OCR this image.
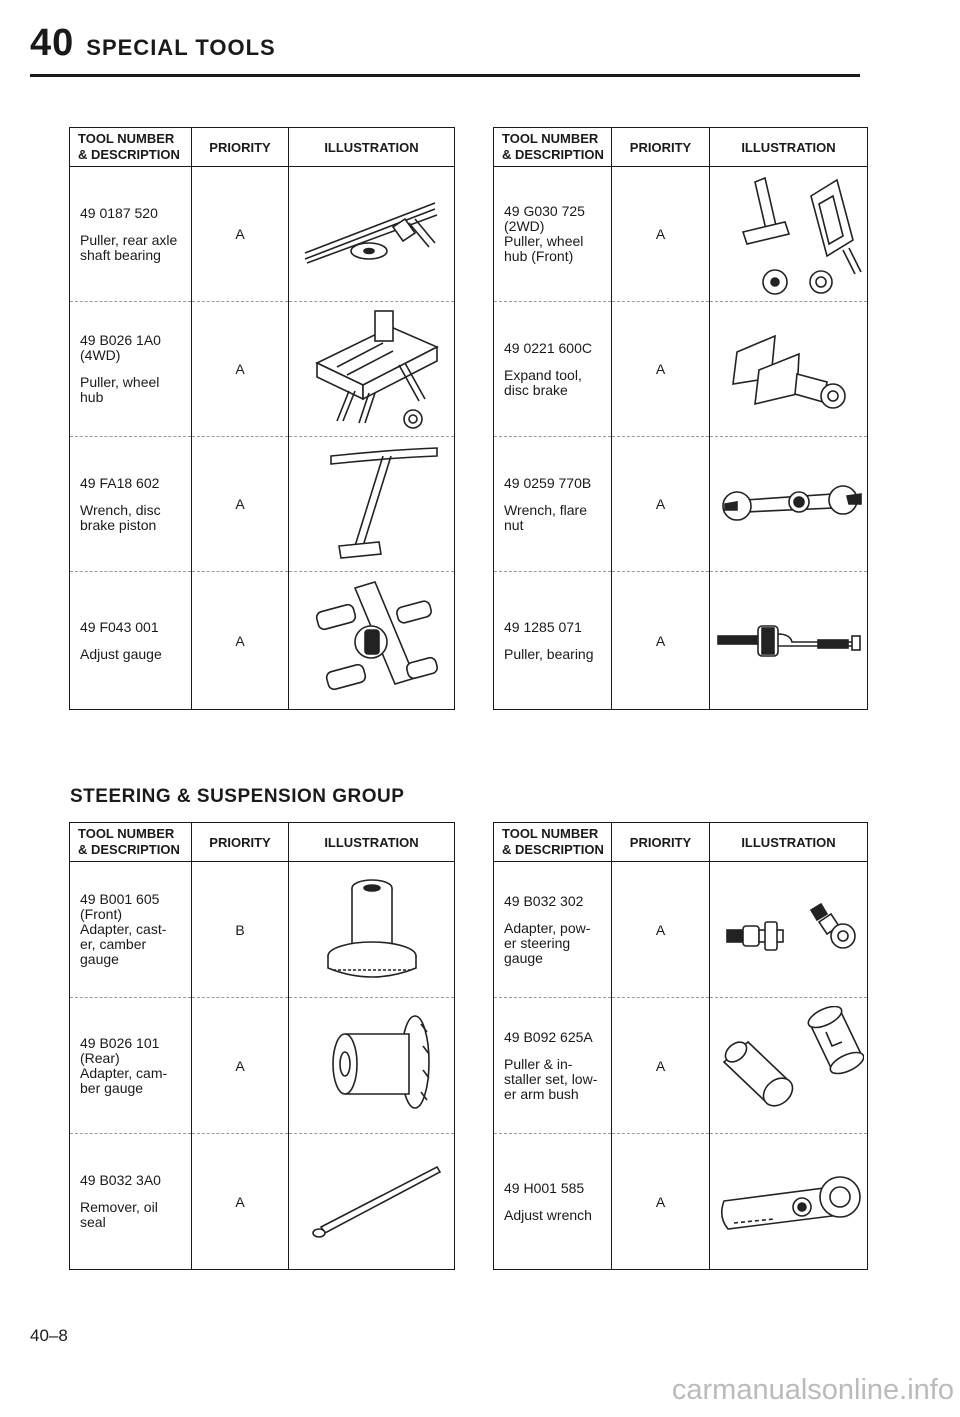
40 SPECIAL TOOLS
TOOL NUMBER
& DESCRIPTION	PRIORITY	ILLUSTRATION

49 0187 520
Puller, rear axle shaft bearing	A	

49 B026 1A0 (4WD)
Puller, wheel hub	A	

49 FA18 602
Wrench, disc brake piston	A	

49 F043 001
Adjust gauge	A	
TOOL NUMBER
& DESCRIPTION	PRIORITY	ILLUSTRATION

49 G030 725 (2WD)
Puller, wheel hub (Front)	A	

49 0221 600C
Expand tool, disc brake	A	

49 0259 770B
Wrench, flare nut	A	

49 1285 071
Puller, bearing	A	
STEERING & SUSPENSION GROUP
TOOL NUMBER
& DESCRIPTION	PRIORITY	ILLUSTRATION

49 B001 605 (Front)
Adapter, cast- er, camber gauge	B	

49 B026 101 (Rear)
Adapter, cam- ber gauge	A	

49 B032 3A0
Remover, oil seal	A	
TOOL NUMBER
& DESCRIPTION	PRIORITY	ILLUSTRATION

49 B032 302
Adapter, pow- er steering gauge	A	

49 B092 625A
Puller & in- staller set, low- er arm bush	A	

49 H001 585
Adjust wrench	A	
40–8
carmanualsonline.info
